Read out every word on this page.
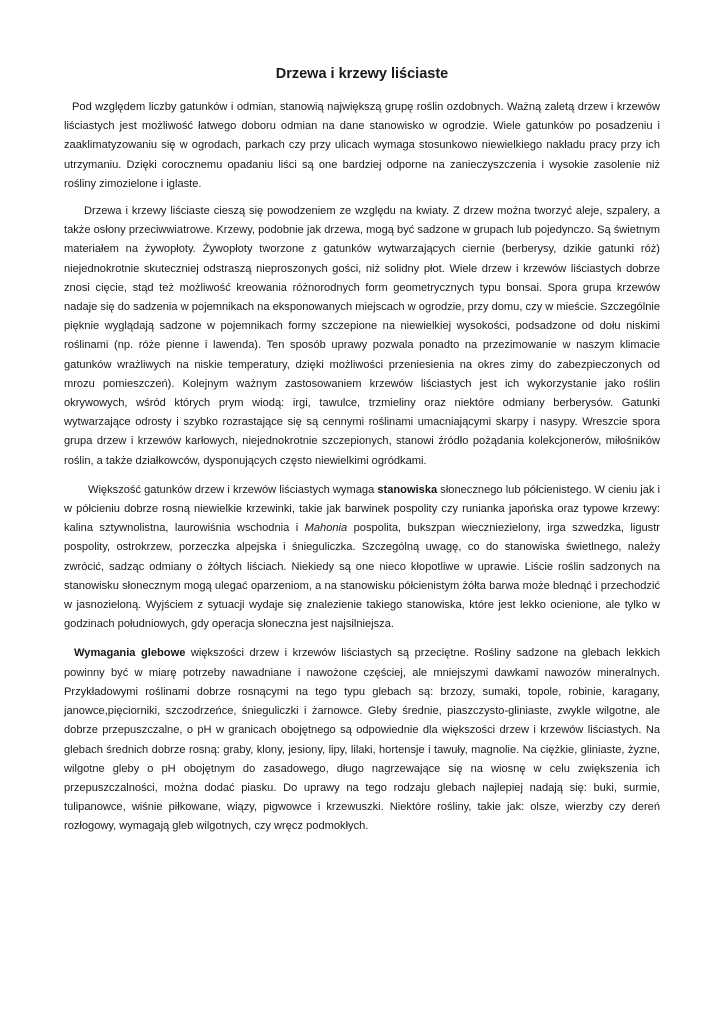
Drzewa i krzewy liściaste

Pod względem liczby gatunków i odmian, stanowią największą grupę roślin ozdobnych. Ważną zaletą drzew i krzewów liściastych jest możliwość łatwego doboru odmian na dane stanowisko w ogrodzie. Wiele gatunków po posadzeniu i zaaklimatyzowaniu się w ogrodach, parkach czy przy ulicach wymaga stosunkowo niewielkiego nakładu pracy przy ich utrzymaniu. Dzięki corocznemu opadaniu liści są one bardziej odporne na zanieczyszczenia i wysokie zasolenie niż rośliny zimozielone i iglaste.

Drzewa i krzewy liściaste cieszą się powodzeniem ze względu na kwiaty. Z drzew można tworzyć aleje, szpalery, a także osłony przeciwwiatrowe. Krzewy, podobnie jak drzewa, mogą być sadzone w grupach lub pojedynczo. Są świetnym materiałem na żywopłoty. Żywopłoty tworzone z gatunków wytwarzających ciernie (berberysy, dzikie gatunki róż) niejednokrotnie skuteczniej odstraszą nieproszonych gości, niż solidny płot. Wiele drzew i krzewów liściastych dobrze znosi cięcie, stąd też możliwość kreowania różnorodnych form geometrycznych typu bonsai. Spora grupa krzewów nadaje się do sadzenia w pojemnikach na eksponowanych miejscach w ogrodzie, przy domu, czy w mieście. Szczególnie pięknie wyglądają sadzone w pojemnikach formy szczepione na niewielkiej wysokości, podsadzone od dołu niskimi roślinami (np. róże pienne i lawenda). Ten sposób uprawy pozwala ponadto na przezimowanie w naszym klimacie gatunków wrażliwych na niskie temperatury, dzięki możliwości przeniesienia na okres zimy do zabezpieczonych od mrozu pomieszczeń). Kolejnym ważnym zastosowaniem krzewów liściastych jest ich wykorzystanie jako roślin okrywowych, wśród których prym wiodą: irgi, tawulce, trzmieliny oraz niektóre odmiany berberysów. Gatunki wytwarzające odrosty i szybko rozrastające się są cennymi roślinami umacniającymi skarpy i nasypy. Wreszcie spora grupa drzew i krzewów karłowych, niejednokrotnie szczepionych, stanowi źródło pożądania kolekcjonerów, miłośników roślin, a także działkowców, dysponujących często niewielkimi ogródkami.

Większość gatunków drzew i krzewów liściastych wymaga stanowiska słonecznego lub półcienistego. W cieniu jak i w półcieniu dobrze rosną niewielkie krzewinki, takie jak barwinek pospolity czy runianka japońska oraz typowe krzewy: kalina sztywnolistna, laurowiśnia wschodnia i Mahonia pospolita, bukszpan wieczniezielony, irga szwedzka, ligustr pospolity, ostrokrzew, porzeczka alpejska i śnieguliczka. Szczególną uwagę, co do stanowiska świetlnego, należy zwrócić, sadząc odmiany o żółtych liściach. Niekiedy są one nieco kłopotliwe w uprawie. Liście roślin sadzonych na stanowisku słonecznym mogą ulegać oparzeniom, a na stanowisku półcienistym żółta barwa może blednąć i przechodzić w jasnozieloną. Wyjściem z sytuacji wydaje się znalezienie takiego stanowiska, które jest lekko ocienione, ale tylko w godzinach południowych, gdy operacja słoneczna jest najsilniejsza.

Wymagania glebowe większości drzew i krzewów liściastych są przeciętne. Rośliny sadzone na glebach lekkich powinny być w miarę potrzeby nawadniane i nawożone częściej, ale mniejszymi dawkami nawozów mineralnych. Przykładowymi roślinami dobrze rosnącymi na tego typu glebach są: brzozy, sumaki, topole, robinie, karagany, janowce,pięciorniki, szczodrzeńce, śnieguliczki i żarnowce. Gleby średnie, piaszczysto-gliniaste, zwykle wilgotne, ale dobrze przepuszczalne, o pH w granicach obojętnego są odpowiednie dla większości drzew i krzewów liściastych. Na glebach średnich dobrze rosną: graby, klony, jesiony, lipy, lilaki, hortensje i tawuły, magnolie. Na ciężkie, gliniaste, żyzne, wilgotne gleby o pH obojętnym do zasadowego, długo nagrzewające się na wiosnę w celu zwiększenia ich przepuszczalności, można dodać piasku. Do uprawy na tego rodzaju glebach najlepiej nadają się: buki, surmie, tulipanowce, wiśnie piłkowane, wiązy, pigwowce i krzewuszki. Niektóre rośliny, takie jak: olsze, wierzby czy dereń rozłogowy, wymagają gleb wilgotnych, czy wręcz podmokłych.
